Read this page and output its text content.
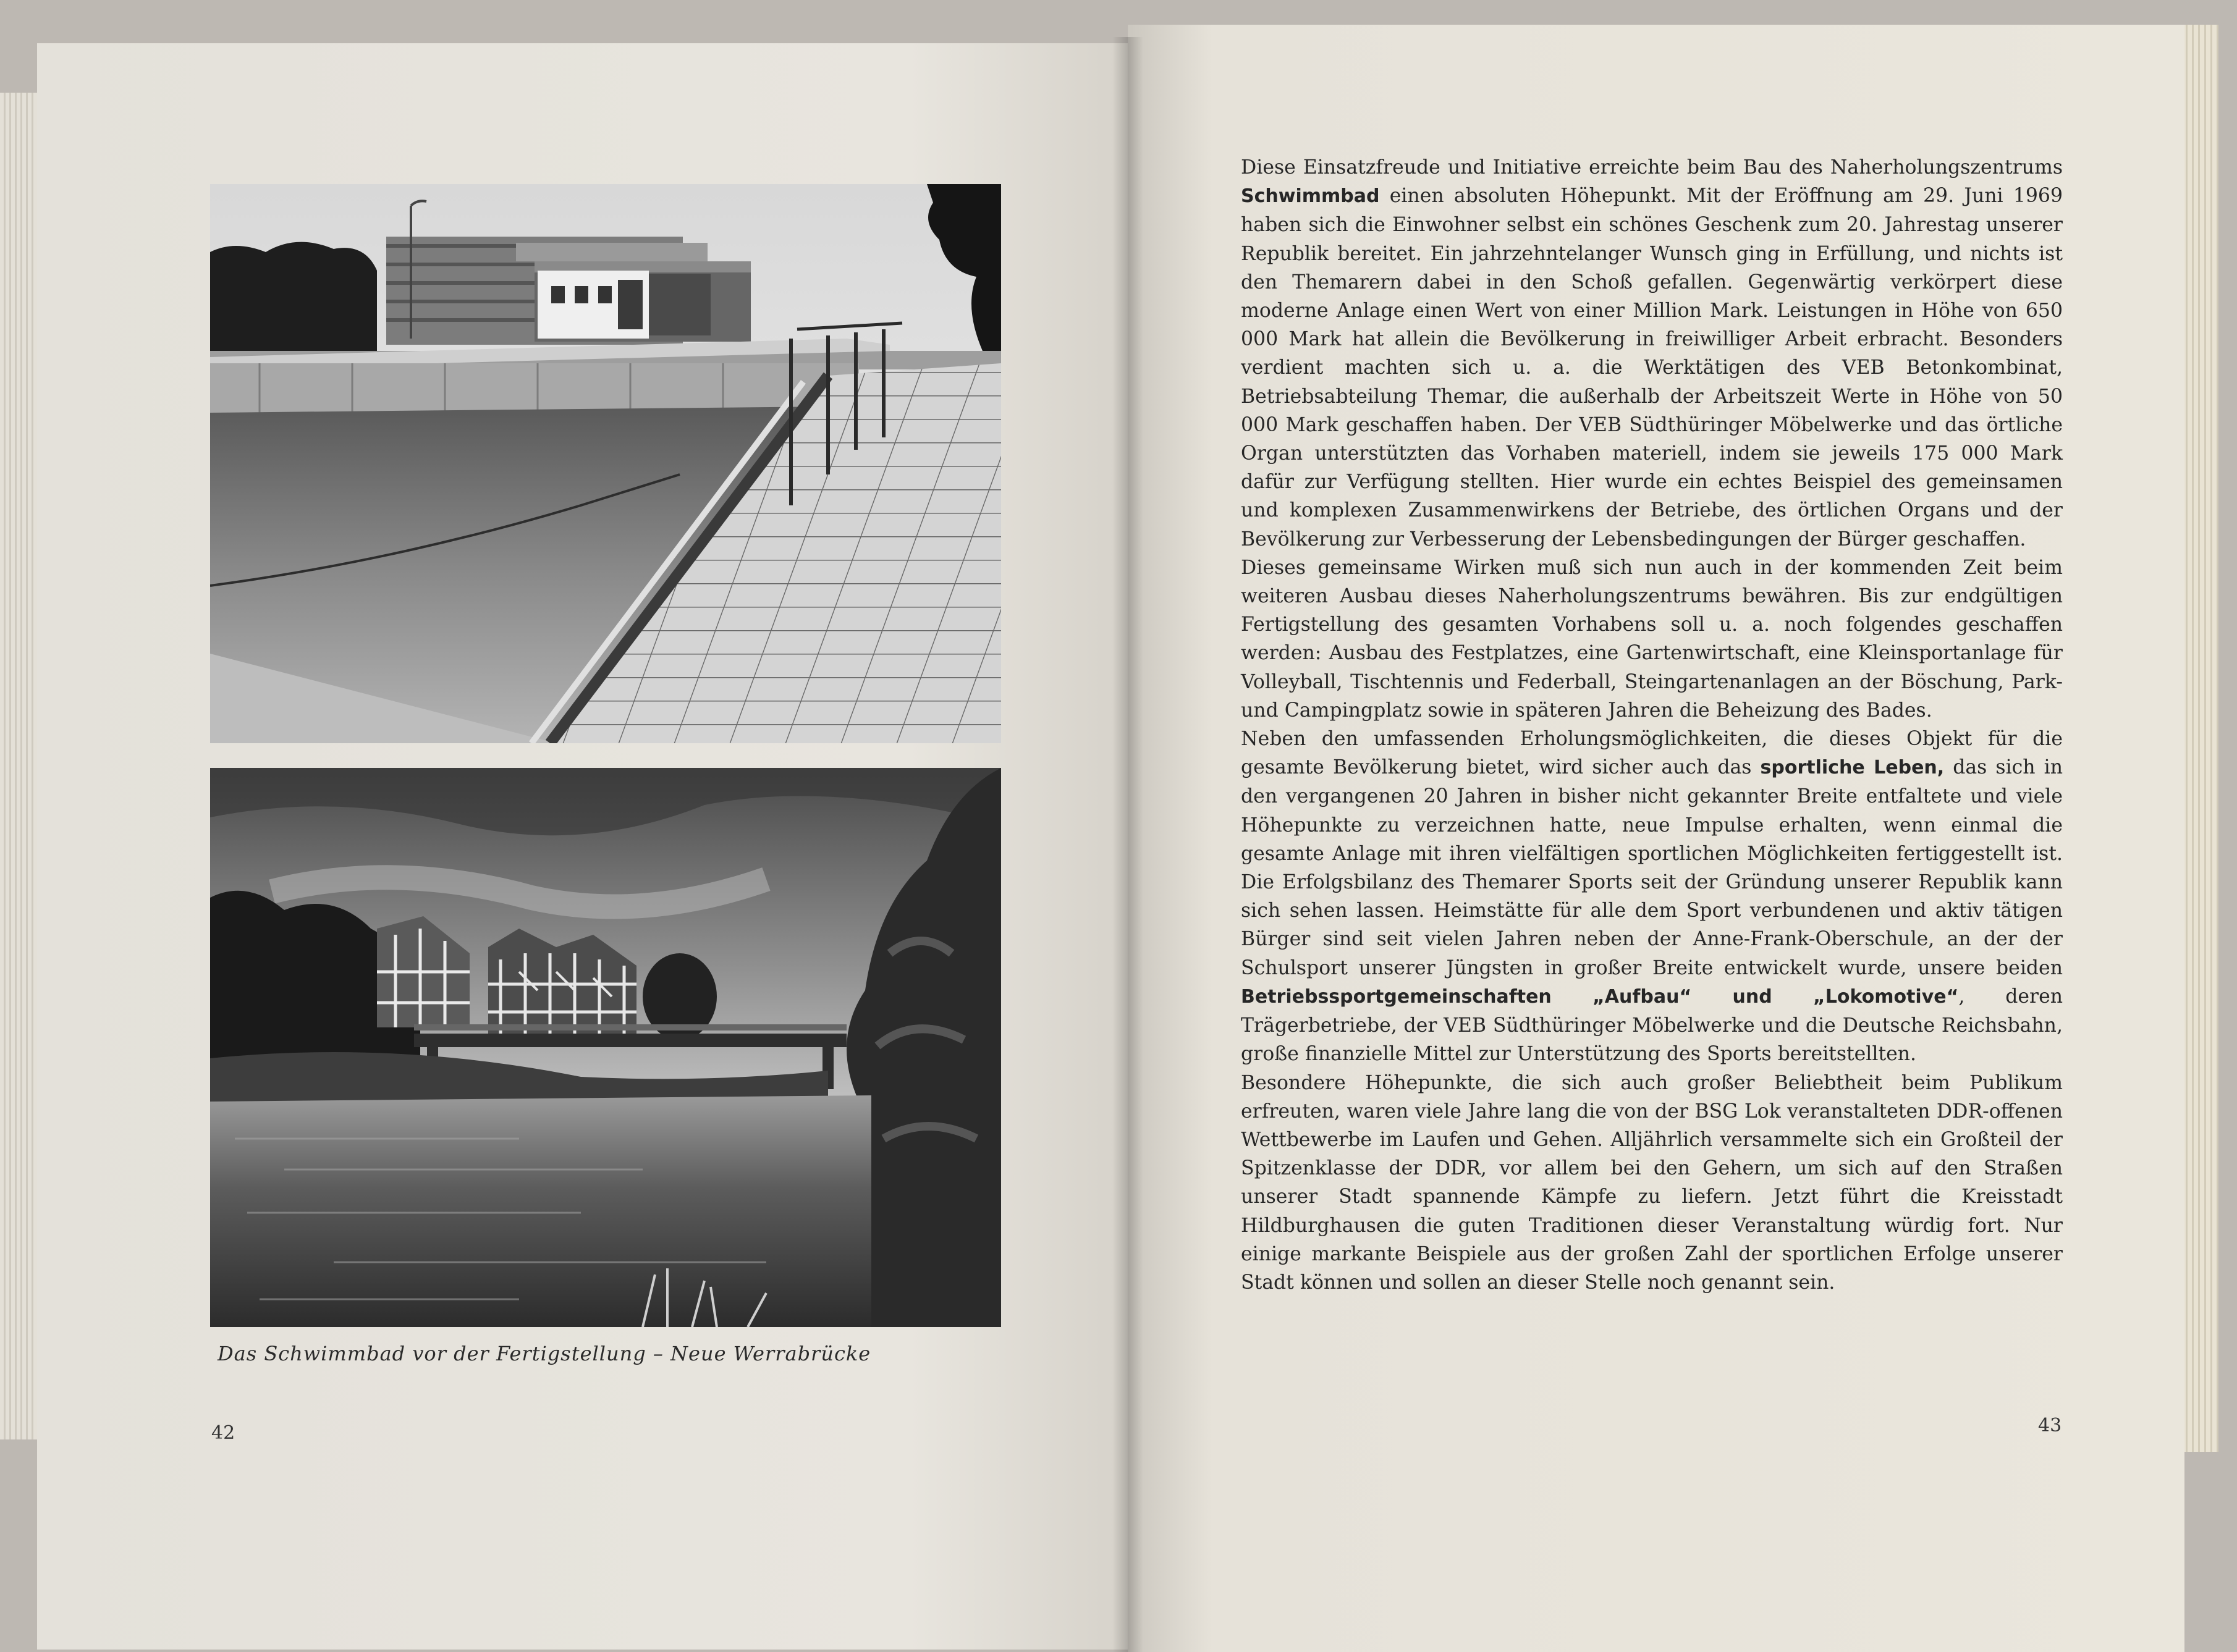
Das Schwimmbad vor der Fertigstellung – Neue Werrabrücke
42

Diese Einsatzfreude und Initiative erreichte beim Bau des Naherholungszentrums Schwimmbad einen absoluten Höhepunkt. Mit der Eröffnung am 29. Juni 1969 haben sich die Einwohner selbst ein schönes Geschenk zum 20. Jahrestag unserer Republik bereitet. Ein jahrzehntelanger Wunsch ging in Erfüllung, und nichts ist den Themarern dabei in den Schoß gefallen. Gegenwärtig verkörpert diese moderne Anlage einen Wert von einer Million Mark. Leistungen in Höhe von 650 000 Mark hat allein die Bevölkerung in freiwilliger Arbeit erbracht. Besonders verdient machten sich u. a. die Werktätigen des VEB Betonkombinat, Betriebsabteilung Themar, die außerhalb der Arbeitszeit Werte in Höhe von 50 000 Mark geschaffen haben. Der VEB Südthüringer Möbelwerke und das örtliche Organ unterstützten das Vorhaben materiell, indem sie jeweils 175 000 Mark dafür zur Verfügung stellten. Hier wurde ein echtes Beispiel des gemeinsamen und komplexen Zusammenwirkens der Betriebe, des örtlichen Organs und der Bevölkerung zur Verbesserung der Lebensbedingungen der Bürger geschaffen.

Dieses gemeinsame Wirken muß sich nun auch in der kommenden Zeit beim weiteren Ausbau dieses Naherholungszentrums bewähren. Bis zur endgültigen Fertigstellung des gesamten Vorhabens soll u. a. noch folgendes geschaffen werden: Ausbau des Festplatzes, eine Gartenwirtschaft, eine Kleinsportanlage für Volleyball, Tischtennis und Federball, Steingartenanlagen an der Böschung, Park- und Campingplatz sowie in späteren Jahren die Beheizung des Bades.

Neben den umfassenden Erholungsmöglichkeiten, die dieses Objekt für die gesamte Bevölkerung bietet, wird sicher auch das sportliche Leben, das sich in den vergangenen 20 Jahren in bisher nicht gekannter Breite entfaltete und viele Höhepunkte zu verzeichnen hatte, neue Impulse erhalten, wenn einmal die gesamte Anlage mit ihren vielfältigen sportlichen Möglichkeiten fertiggestellt ist. Die Erfolgsbilanz des Themarer Sports seit der Gründung unserer Republik kann sich sehen lassen. Heimstätte für alle dem Sport verbundenen und aktiv tätigen Bürger sind seit vielen Jahren neben der Anne-Frank-Oberschule, an der der Schulsport unserer Jüngsten in großer Breite entwickelt wurde, unsere beiden Betriebssportgemeinschaften „Aufbau“ und „Lokomotive“, deren Trägerbetriebe, der VEB Südthüringer Möbelwerke und die Deutsche Reichsbahn, große finanzielle Mittel zur Unterstützung des Sports bereitstellten.

Besondere Höhepunkte, die sich auch großer Beliebtheit beim Publikum erfreuten, waren viele Jahre lang die von der BSG Lok veranstalteten DDR-offenen Wettbewerbe im Laufen und Gehen. Alljährlich versammelte sich ein Großteil der Spitzenklasse der DDR, vor allem bei den Gehern, um sich auf den Straßen unserer Stadt spannende Kämpfe zu liefern. Jetzt führt die Kreisstadt Hildburghausen die guten Traditionen dieser Veranstaltung würdig fort. Nur einige markante Beispiele aus der großen Zahl der sportlichen Erfolge unserer Stadt können und sollen an dieser Stelle noch genannt sein.

43
